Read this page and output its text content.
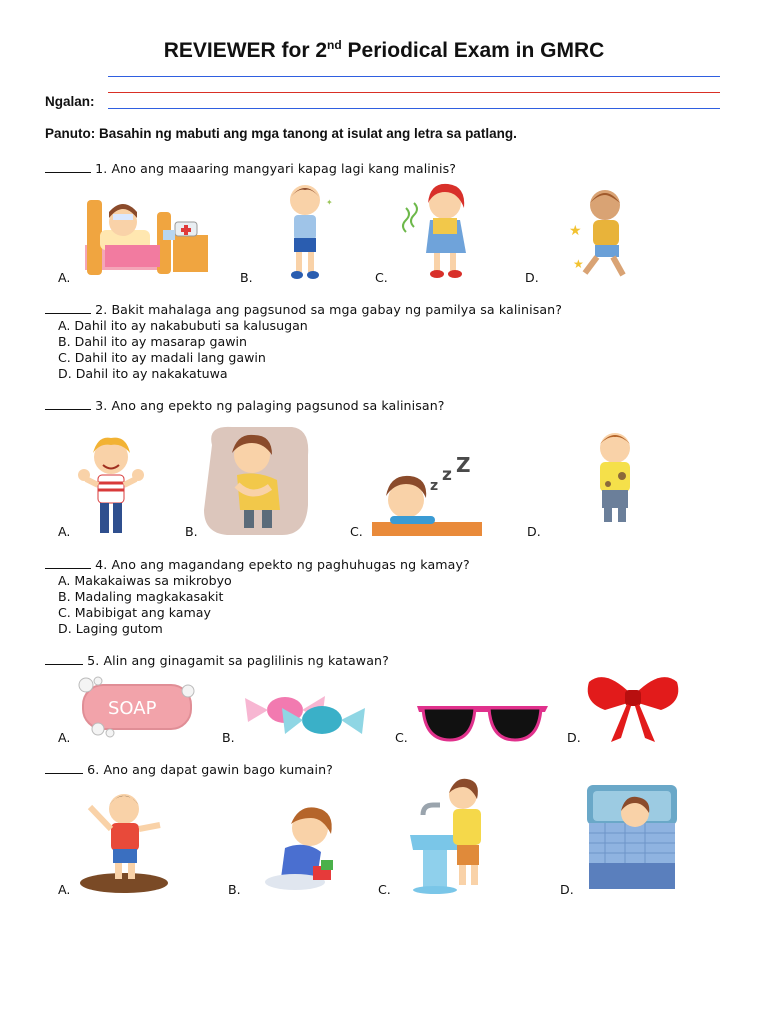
REVIEWER for 2nd Periodical Exam in GMRC
Ngalan:
Panuto: Basahin ng mabuti ang mga tanong at isulat ang letra sa patlang.
1. Ano ang maaaring mangyari kapag lagi kang malinis?
A.	B.	C.	D.
✦
★
★
2. Bakit mahalaga ang pagsunod sa mga gabay ng pamilya sa kalinisan?
A. Dahil ito ay nakabubuti sa kalusugan
B. Dahil ito ay masarap gawin
C. Dahil ito ay madali lang gawin
D. Dahil ito ay nakakatuwa
3. Ano ang epekto ng palaging pagsunod sa kalinisan?
A.	B.	C.	D.
z
z Z
4. Ano ang magandang epekto ng paghuhugas ng kamay?
A. Makakaiwas sa mikrobyo
B. Madaling magkakasakit
C. Mabibigat ang kamay
D. Laging gutom
5. Alin ang ginagamit sa paglilinis ng katawan?
A.	B.	C.	D.
SOAP
6. Ano ang dapat gawin bago kumain?
A.	B.	C.	D.
